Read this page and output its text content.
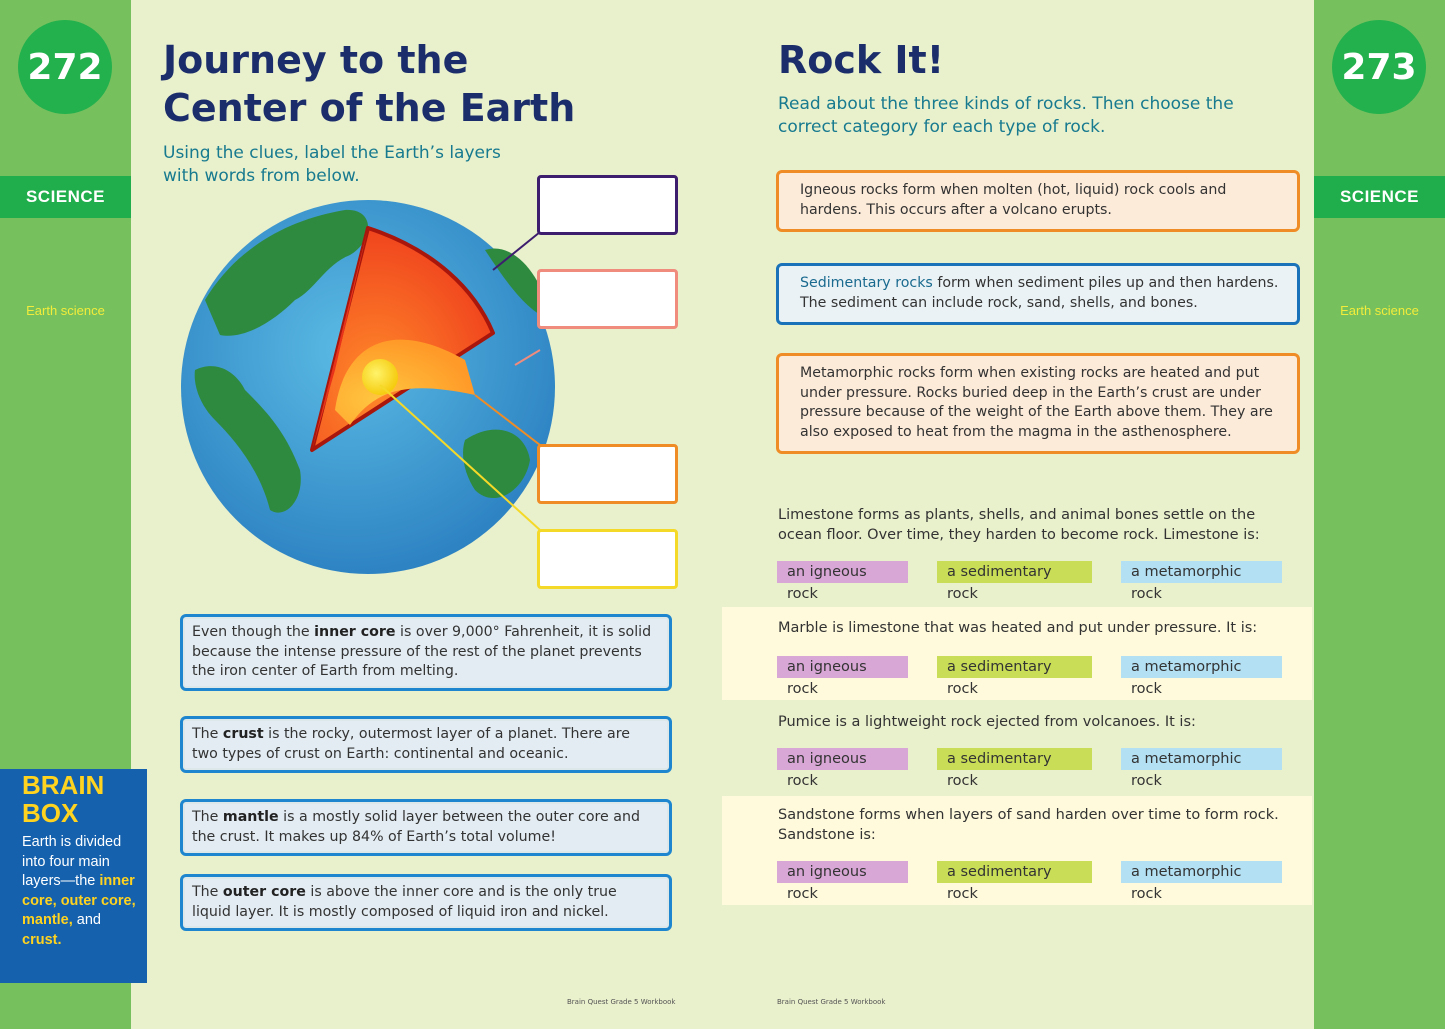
272
SCIENCE
Earth science
BRAIN
BOX
Earth is divided into four main layers—the inner core, outer core, mantle, and crust.
273
SCIENCE
Earth science
Journey to the Center of the Earth
Using the clues, label the Earth’s layers with words from below.
Even though the inner core is over 9,000° Fahrenheit, it is solid because the intense pressure of the rest of the planet prevents the iron center of Earth from melting.
The crust is the rocky, outermost layer of a planet. There are two types of crust on Earth: continental and oceanic.
The mantle is a mostly solid layer between the outer core and the crust. It makes up 84% of Earth’s total volume!
The outer core is above the inner core and is the only true liquid layer. It is mostly composed of liquid iron and nickel.
Brain Quest Grade 5 Workbook
Rock It!
Read about the three kinds of rocks. Then choose the correct category for each type of rock.
Igneous rocks form when molten (hot, liquid) rock cools and hardens. This occurs after a volcano erupts.
Sedimentary rocks form when sediment piles up and then hardens. The sediment can include rock, sand, shells, and bones.
Metamorphic rocks form when existing rocks are heated and put under pressure. Rocks buried deep in the Earth’s crust are under pressure because of the weight of the Earth above them. They are also exposed to heat from the magma in the asthenosphere.
Limestone forms as plants, shells, and animal bones settle on the ocean floor. Over time, they harden to become rock. Limestone is:
an igneous rock
a sedimentary rock
a metamorphic rock
Marble is limestone that was heated and put under pressure. It is:
an igneous rock
a sedimentary rock
a metamorphic rock
Pumice is a lightweight rock ejected from volcanoes. It is:
an igneous rock
a sedimentary rock
a metamorphic rock
Sandstone forms when layers of sand harden over time to form rock. Sandstone is:
an igneous rock
a sedimentary rock
a metamorphic rock
Brain Quest Grade 5 Workbook
